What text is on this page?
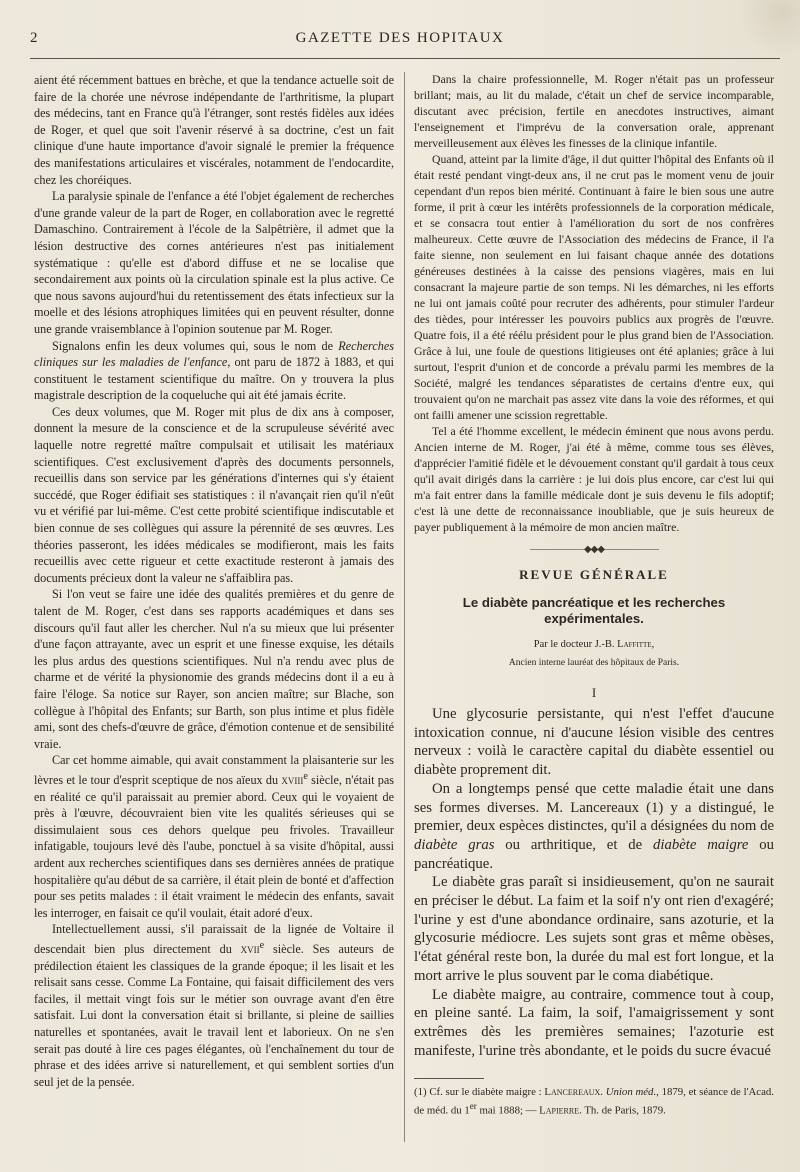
2	GAZETTE DES HOPITAUX

aient été récemment battues en brèche, et que la tendance actuelle soit de faire de la chorée une névrose indépendante de l'arthritisme, la plupart des médecins, tant en France qu'à l'étranger, sont restés fidèles aux idées de Roger, et quel que soit l'avenir réservé à sa doctrine, c'est un fait clinique d'une haute importance d'avoir signalé le premier la fréquence des manifestations articulaires et viscérales, notamment de l'endocardite, chez les choréiques.

La paralysie spinale de l'enfance a été l'objet également de recherches d'une grande valeur de la part de Roger, en collaboration avec le regretté Damaschino. Contrairement à l'école de la Salpêtrière, il admet que la lésion destructive des cornes antérieures n'est pas initialement systématique : qu'elle est d'abord diffuse et ne se localise que secondairement aux points où la circulation spinale est la plus active. Ce que nous savons aujourd'hui du retentissement des états infectieux sur la moelle et des lésions atrophiques limitées qui en peuvent résulter, donne une grande vraisemblance à l'opinion soutenue par M. Roger.

Signalons enfin les deux volumes qui, sous le nom de Recherches cliniques sur les maladies de l'enfance, ont paru de 1872 à 1883, et qui constituent le testament scientifique du maître. On y trouvera la plus magistrale description de la coqueluche qui ait été jamais écrite.

Ces deux volumes, que M. Roger mit plus de dix ans à composer, donnent la mesure de la conscience et de la scrupuleuse sévérité avec laquelle notre regretté maître compulsait et utilisait les matériaux scientifiques. C'est exclusivement d'après des documents personnels, recueillis dans son service par les générations d'internes qui s'y étaient succédé, que Roger édifiait ses statistiques : il n'avançait rien qu'il n'eût vu et vérifié par lui-même. C'est cette probité scientifique indiscutable et bien connue de ses collègues qui assure la pérennité de ses œuvres. Les théories passeront, les idées médicales se modifieront, mais les faits recueillis avec cette rigueur et cette exactitude resteront à jamais des documents précieux dont la valeur ne s'affaiblira pas.

Si l'on veut se faire une idée des qualités premières et du genre de talent de M. Roger, c'est dans ses rapports académiques et dans ses discours qu'il faut aller les chercher. Nul n'a su mieux que lui présenter d'une façon attrayante, avec un esprit et une finesse exquise, les détails les plus ardus des questions scientifiques. Nul n'a rendu avec plus de charme et de vérité la physionomie des grands médecins dont il a eu à faire l'éloge. Sa notice sur Rayer, son ancien maître; sur Blache, son collègue à l'hôpital des Enfants; sur Barth, son plus intime et plus fidèle ami, sont des chefs-d'œuvre de grâce, d'émotion contenue et de sensibilité vraie.

Car cet homme aimable, qui avait constamment la plaisanterie sur les lèvres et le tour d'esprit sceptique de nos aïeux du xviii$^e$ siècle, n'était pas en réalité ce qu'il paraissait au premier abord. Ceux qui le voyaient de près à l'œuvre, découvraient bien vite les qualités sérieuses qui se dissimulaient sous ces dehors quelque peu frivoles. Travailleur infatigable, toujours levé dès l'aube, ponctuel à sa visite d'hôpital, aussi ardent aux recherches scientifiques dans ses dernières années de pratique hospitalière qu'au début de sa carrière, il était plein de bonté et d'affection pour ses petits malades : il était vraiment le médecin des enfants, savait les interroger, en faisait ce qu'il voulait, était adoré d'eux.

Intellectuellement aussi, s'il paraissait de la lignée de Voltaire il descendait bien plus directement du xvii$^e$ siècle. Ses auteurs de prédilection étaient les classiques de la grande époque; il les lisait et les relisait sans cesse. Comme La Fontaine, qui faisait difficilement des vers faciles, il mettait vingt fois sur le métier son ouvrage avant d'en être satisfait. Lui dont la conversation était si brillante, si pleine de saillies naturelles et spontanées, avait le travail lent et laborieux. On ne s'en serait pas douté à lire ces pages élégantes, où l'enchaînement du tour de phrase et des idées arrive si naturellement, et qui semblent sorties d'un seul jet de la pensée.

Dans la chaire professionnelle, M. Roger n'était pas un professeur brillant; mais, au lit du malade, c'était un chef de service incomparable, discutant avec précision, fertile en anecdotes instructives, aimant l'enseignement et l'imprévu de la conversation orale, apprenant merveilleusement aux élèves les finesses de la clinique infantile.

Quand, atteint par la limite d'âge, il dut quitter l'hôpital des Enfants où il était resté pendant vingt-deux ans, il ne crut pas le moment venu de jouir cependant d'un repos bien mérité. Continuant à faire le bien sous une autre forme, il prit à cœur les intérêts professionnels de la corporation médicale, et se consacra tout entier à l'amélioration du sort de nos confrères malheureux. Cette œuvre de l'Association des médecins de France, il l'a faite sienne, non seulement en lui faisant chaque année des dotations généreuses destinées à la caisse des pensions viagères, mais en lui consacrant la majeure partie de son temps. Ni les démarches, ni les efforts ne lui ont jamais coûté pour recruter des adhérents, pour stimuler l'ardeur des tièdes, pour intéresser les pouvoirs publics aux progrès de l'œuvre. Quatre fois, il a été réélu président pour le plus grand bien de l'Association. Grâce à lui, une foule de questions litigieuses ont été aplanies; grâce à lui surtout, l'esprit d'union et de concorde a prévalu parmi les membres de la Société, malgré les tendances séparatistes de certains d'entre eux, qui trouvaient qu'on ne marchait pas assez vite dans la voie des réformes, et qui ont failli amener une scission regrettable.

Tel a été l'homme excellent, le médecin éminent que nous avons perdu. Ancien interne de M. Roger, j'ai été à même, comme tous ses élèves, d'apprécier l'amitié fidèle et le dévouement constant qu'il gardait à tous ceux qu'il avait dirigés dans la carrière : je lui dois plus encore, car c'est lui qui m'a fait entrer dans la famille médicale dont je suis devenu le fils adoptif; c'est là une dette de reconnaissance inoubliable, que je suis heureux de payer publiquement à la mémoire de mon ancien maître.

——————◆◆◆——————
REVUE GÉNÉRALE
Le diabète pancréatique et les recherches expérimentales.
Par le docteur J.-B. Laffitte,
Ancien interne lauréat des hôpitaux de Paris.
I

Une glycosurie persistante, qui n'est l'effet d'aucune intoxication connue, ni d'aucune lésion visible des centres nerveux : voilà le caractère capital du diabète essentiel ou diabète proprement dit.

On a longtemps pensé que cette maladie était une dans ses formes diverses. M. Lancereaux (1) y a distingué, le premier, deux espèces distinctes, qu'il a désignées du nom de diabète gras ou arthritique, et de diabète maigre ou pancréatique.

Le diabète gras paraît si insidieusement, qu'on ne saurait en préciser le début. La faim et la soif n'y ont rien d'exagéré; l'urine y est d'une abondance ordinaire, sans azoturie, et la glycosurie médiocre. Les sujets sont gras et même obèses, l'état général reste bon, la durée du mal est fort longue, et la mort arrive le plus souvent par le coma diabétique.

Le diabète maigre, au contraire, commence tout à coup, en pleine santé. La faim, la soif, l'amaigrissement y sont extrêmes dès les premières semaines; l'azoturie est manifeste, l'urine très abondante, et le poids du sucre évacué

(1) Cf. sur le diabète maigre : Lancereaux. Union méd., 1879, et séance de l'Acad. de méd. du 1er mai 1888; — Lapierre. Th. de Paris, 1879.
